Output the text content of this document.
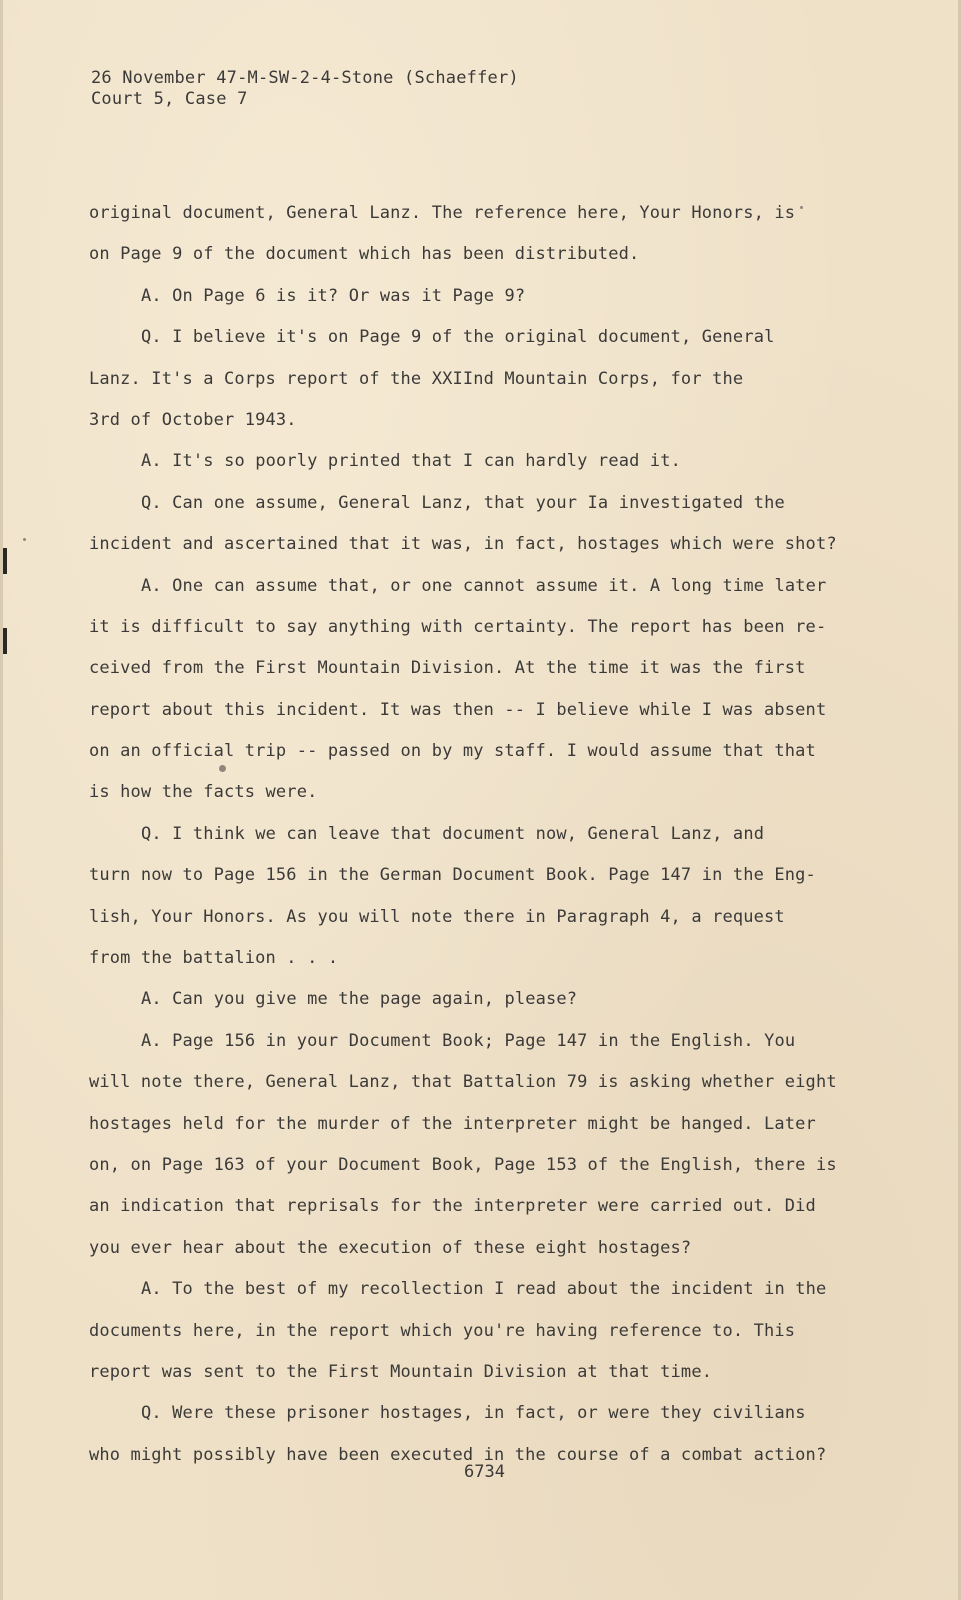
26 November 47-M-SW-2-4-Stone (Schaeffer)
Court 5, Case 7
original document, General Lanz. The reference here, Your Honors, is
on Page 9 of the document which has been distributed.
A. On Page 6 is it? Or was it Page 9?
Q. I believe it's on Page 9 of the original document, General
Lanz. It's a Corps report of the XXIInd Mountain Corps, for the
3rd of October 1943.
A. It's so poorly printed that I can hardly read it.
Q. Can one assume, General Lanz, that your Ia investigated the
incident and ascertained that it was, in fact, hostages which were shot?
A. One can assume that, or one cannot assume it. A long time later
it is difficult to say anything with certainty. The report has been re-
ceived from the First Mountain Division. At the time it was the first
report about this incident. It was then -- I believe while I was absent
on an official trip -- passed on by my staff. I would assume that that
is how the facts were.
Q. I think we can leave that document now, General Lanz, and
turn now to Page 156 in the German Document Book. Page 147 in the Eng-
lish, Your Honors. As you will note there in Paragraph 4, a request
from the battalion . . .
A. Can you give me the page again, please?
A. Page 156 in your Document Book; Page 147 in the English. You
will note there, General Lanz, that Battalion 79 is asking whether eight
hostages held for the murder of the interpreter might be hanged. Later
on, on Page 163 of your Document Book, Page 153 of the English, there is
an indication that reprisals for the interpreter were carried out. Did
you ever hear about the execution of these eight hostages?
A. To the best of my recollection I read about the incident in the
documents here, in the report which you're having reference to. This
report was sent to the First Mountain Division at that time.
Q. Were these prisoner hostages, in fact, or were they civilians
who might possibly have been executed in the course of a combat action?
6734
